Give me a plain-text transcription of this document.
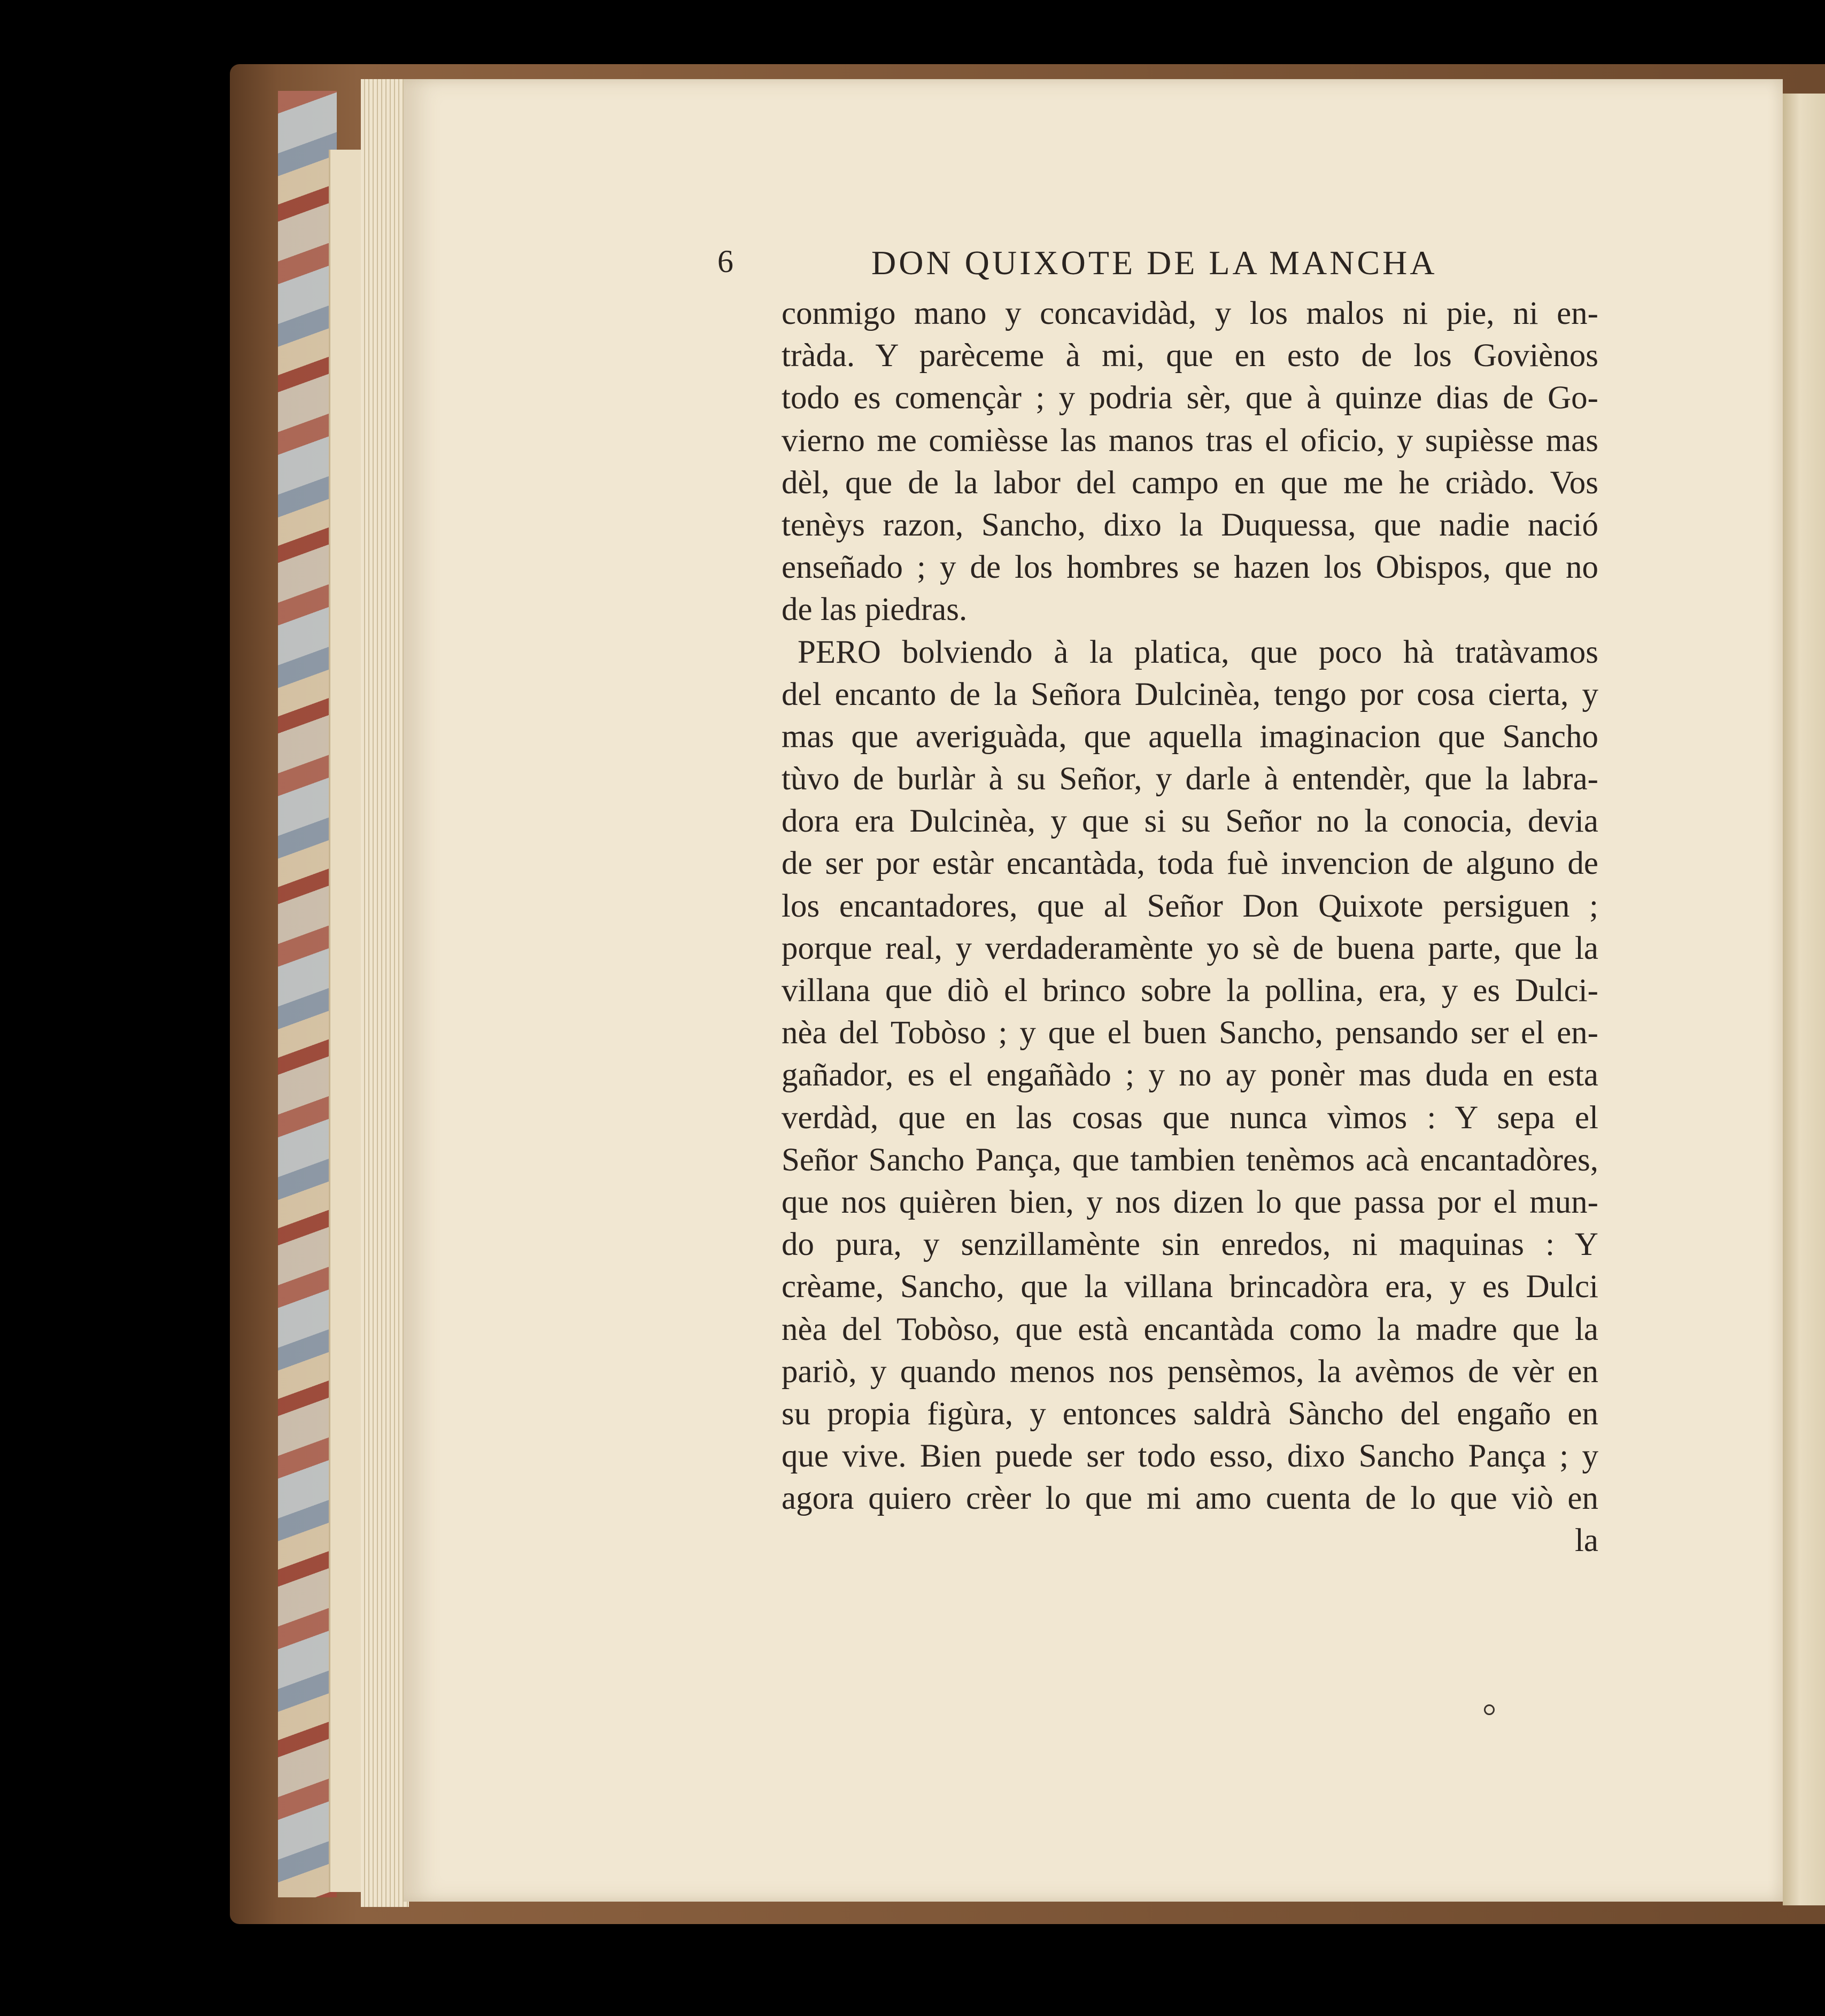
6	DON QUIXOTE DE LA MANCHA
conmigo mano y concavidàd, y los malos ni pie, ni en-
tràda. Y parèceme à mi, que en esto de los Goviènos
todo es començàr ; y podria sèr, que à quinze dias de Go-
vierno me comièsse las manos tras el oficio, y supièsse mas
dèl, que de la labor del campo en que me he criàdo. Vos
tenèys razon, Sancho, dixo la Duquessa, que nadie nació
enseñado ; y de los hombres se hazen los Obispos, que no
de las piedras.
PERO bolviendo à la platica, que poco hà tratàvamos
del encanto de la Señora Dulcinèa, tengo por cosa cierta, y
mas que averiguàda, que aquella imaginacion que Sancho
tùvo de burlàr à su Señor, y darle à entendèr, que la labra-
dora era Dulcinèa, y que si su Señor no la conocia, devia
de ser por estàr encantàda, toda fuè invencion de alguno de
los encantadores, que al Señor Don Quixote persiguen ;
porque real, y verdaderamènte yo sè de buena parte, que la
villana que diò el brinco sobre la pollina, era, y es Dulci-
nèa del Tobòso ; y que el buen Sancho, pensando ser el en-
gañador, es el engañàdo ; y no ay ponèr mas duda en esta
verdàd, que en las cosas que nunca vìmos : Y sepa el
Señor Sancho Pança, que tambien tenèmos acà encantadòres,
que nos quièren bien, y nos dizen lo que passa por el mun-
do pura, y senzillamènte sin enredos, ni maquinas : Y
crèame, Sancho, que la villana brincadòra era, y es Dulci
nèa del Tobòso, que està encantàda como la madre que la
pariò, y quando menos nos pensèmos, la avèmos de vèr en
su propia figùra, y entonces saldrà Sàncho del engaño en
que vive. Bien puede ser todo esso, dixo Sancho Pança ; y
agora quiero crèer lo que mi amo cuenta de lo que viò en
la
